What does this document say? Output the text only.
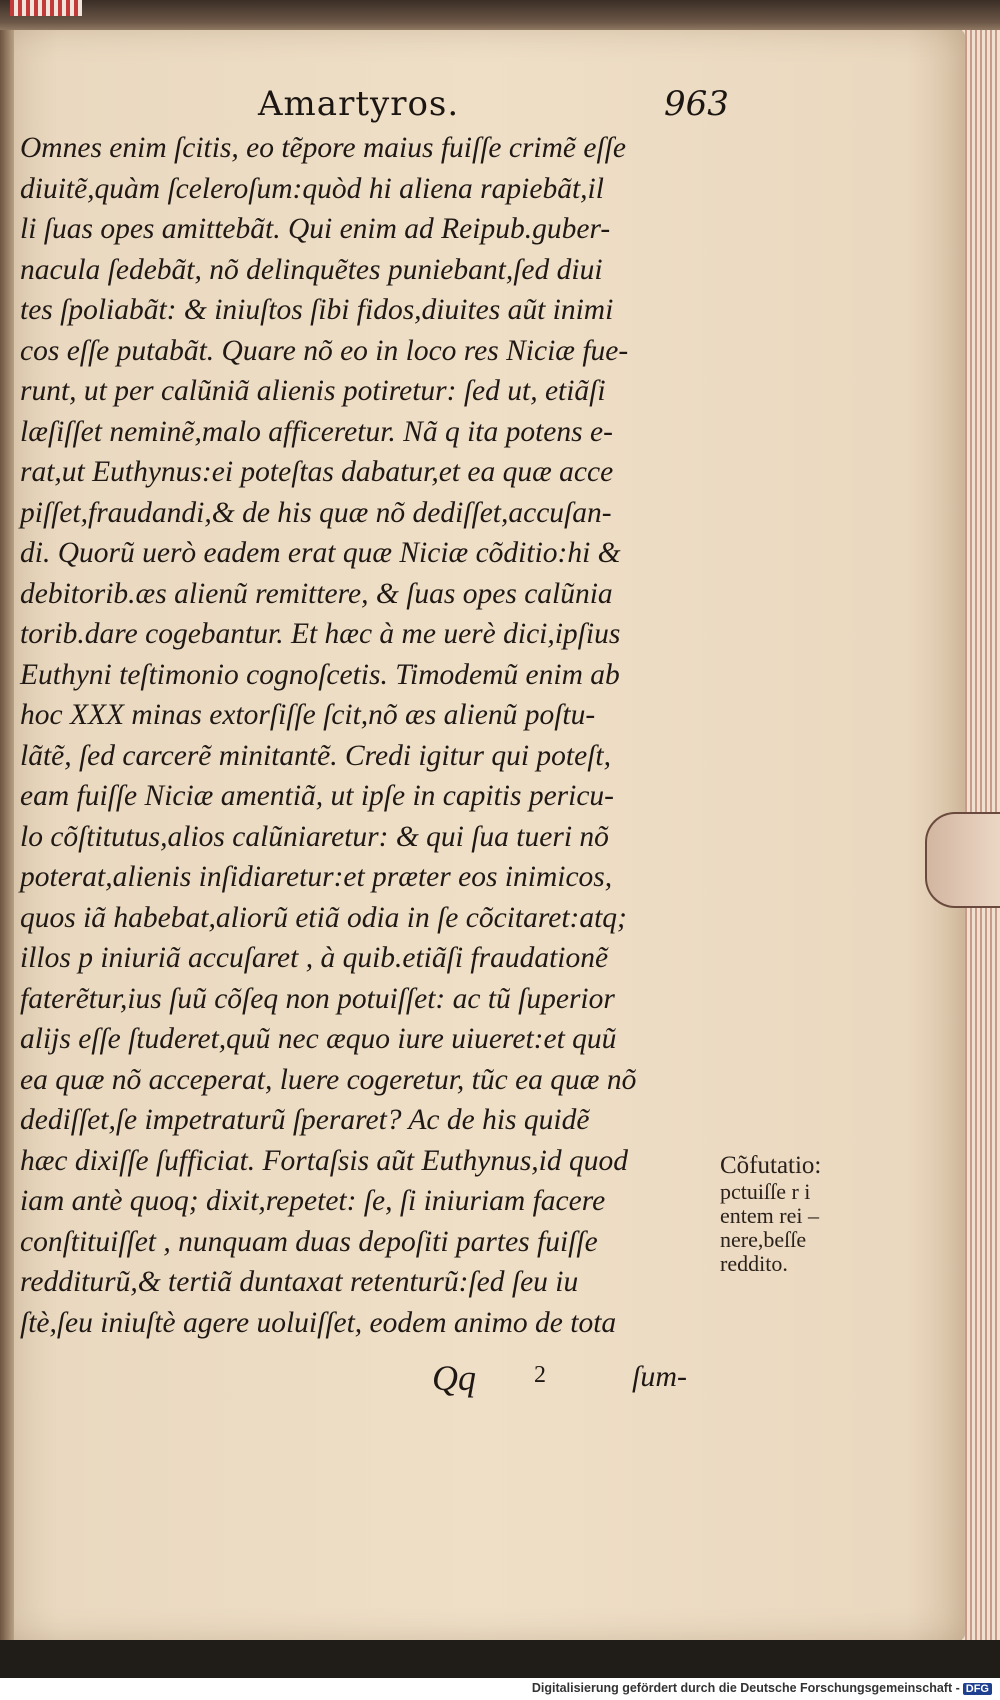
Amartyros.	963
Omnes enim ſcitis, eo tẽpore maius fuiſſe crimẽ eſſe
diuitẽ,quàm ſceleroſum:quòd hi aliena rapiebãt,il
li ſuas opes amittebãt. Qui enim ad Reipub.guber-
nacula ſedebãt, nõ delinquẽtes puniebant,ſed diui
tes ſpoliabãt: & iniuſtos ſibi fidos,diuites aũt inimi
cos eſſe putabãt. Quare nõ eo in loco res Niciæ fue-
runt, ut per calũniã alienis potiretur: ſed ut, etiãſi
læſiſſet neminẽ,malo afficeretur. Nã q ita potens e-
rat,ut Euthynus:ei poteſtas dabatur,et ea quæ acce
piſſet,fraudandi,& de his quæ nõ dediſſet,accuſan-
di. Quorũ uerò eadem erat quæ Niciæ cõditio:hi &
debitorib.æs alienũ remittere, & ſuas opes calũnia
torib.dare cogebantur. Et hæc à me uerè dici,ipſius
Euthyni teſtimonio cognoſcetis. Timodemũ enim ab
hoc XXX minas extorſiſſe ſcit,nõ æs alienũ poſtu-
lãtẽ, ſed carcerẽ minitantẽ. Credi igitur qui poteſt,
eam fuiſſe Niciæ amentiã, ut ipſe in capitis pericu-
lo cõſtitutus,alios calũniaretur: & qui ſua tueri nõ
poterat,alienis inſidiaretur:et præter eos inimicos,
quos iã habebat,aliorũ etiã odia in ſe cõcitaret:atq;
illos p iniuriã accuſaret , à quib.etiãſi fraudationẽ
faterẽtur,ius ſuũ cõſeq non potuiſſet: ac tũ ſuperior
aliјs eſſe ſtuderet,quũ nec æquo iure uiueret:et quũ
ea quæ nõ acceperat, luere cogeretur, tũc ea quæ nõ
dediſſet,ſe impetraturũ ſperaret? Ac de his quidẽ
hæc dixiſſe ſufficiat. Fortaſsis aũt Euthynus,id quod
iam antè quoq; dixit,repetet: ſe, ſi iniuriam facere
conſtituiſſet , nunquam duas depoſiti partes fuiſſe
redditurũ,& tertiã duntaxat retenturũ:ſed ſeu iu
ſtè,ſeu iniuſtè agere uoluiſſet, eodem animo de tota
Cõfutatio:
pctuiſſe r i
entem rei –
nere,beſſe
reddito.
Qq 2	ſum-
Digitalisierung gefördert durch die Deutsche Forschungsgemeinschaft - DFG
